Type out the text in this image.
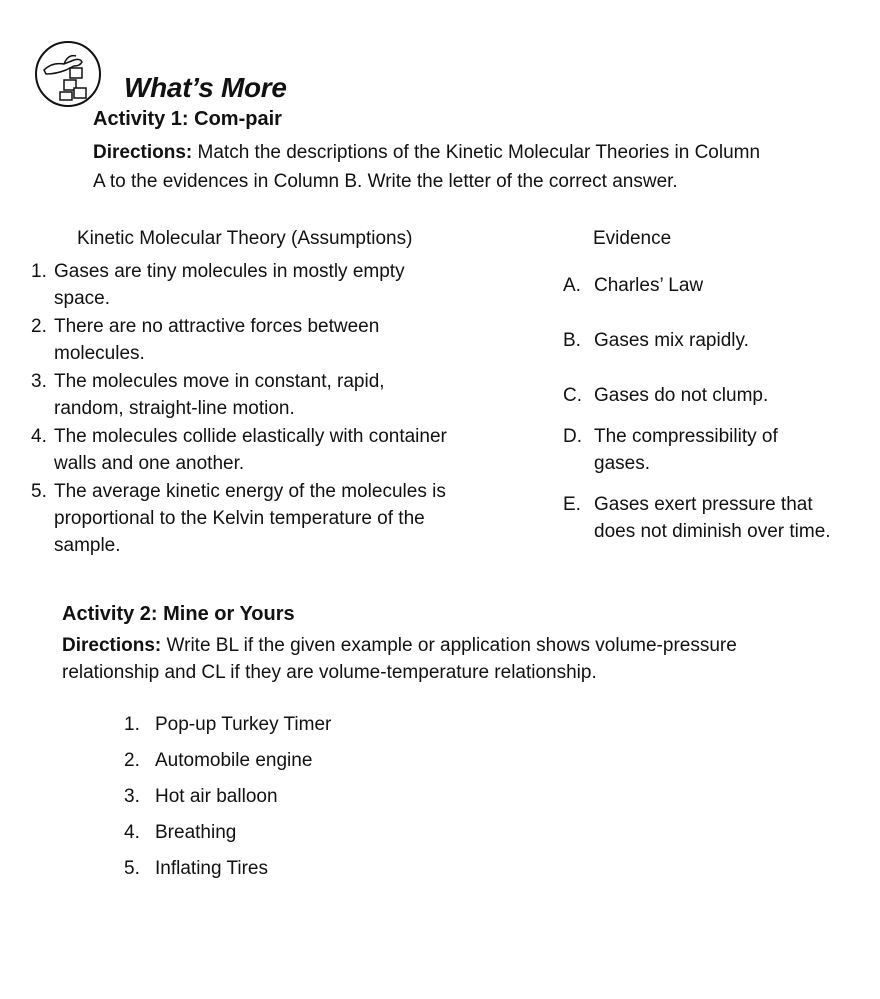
What’s More
Activity 1: Com-pair
Directions: Match the descriptions of the Kinetic Molecular Theories in Column
A to the evidences in Column B. Write the letter of the correct answer.
Kinetic Molecular Theory (Assumptions)	Evidence
1. Gases are tiny molecules in mostly empty
space.
2. There are no attractive forces between
molecules.
3. The molecules move in constant, rapid,
random, straight-line motion.
4. The molecules collide elastically with container
walls and one another.
5. The average kinetic energy of the molecules is
proportional to the Kelvin temperature of the
sample.
A. Charles’ Law
B. Gases mix rapidly.
C. Gases do not clump.
D. The compressibility of
gases.
E. Gases exert pressure that
does not diminish over time.
Activity 2: Mine or Yours
Directions: Write BL if the given example or application shows volume-pressure
relationship and CL if they are volume-temperature relationship.
1. Pop-up Turkey Timer
2. Automobile engine
3. Hot air balloon
4. Breathing
5. Inflating Tires
